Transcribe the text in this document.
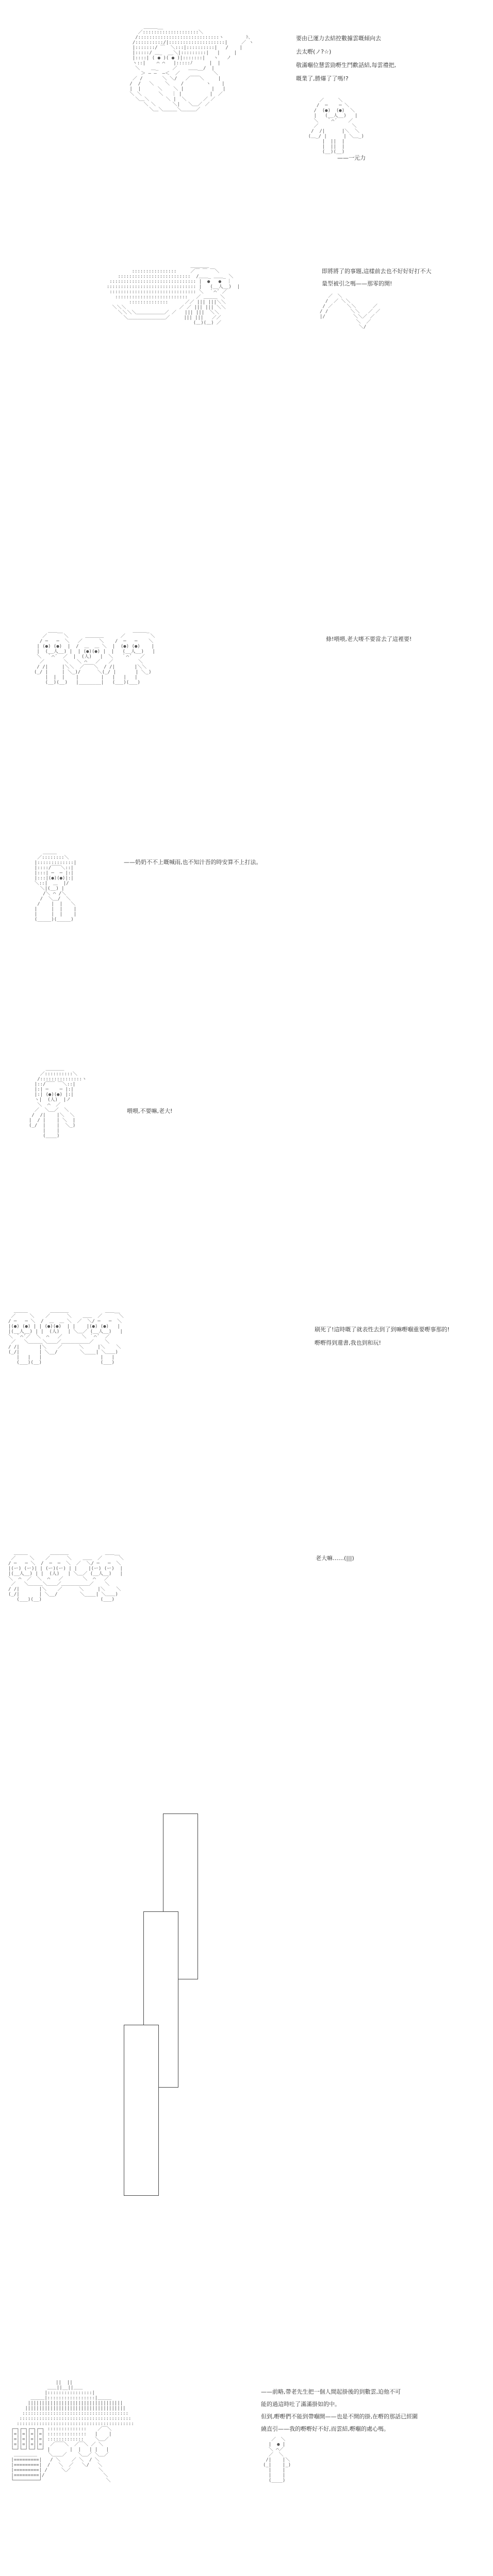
＿＿＿__
／::::::::::::::::::::＼
/:::::::::::::::::::::::::::::ヽ        ﾄ､
/::::::::::/|::::::::::::::::::::|     ／ ヽ
|:::::::/ ￣  ＼:::|::::::::::|   /    |
|:::::/ ＿_  __＼|:::::::::|   |     |
|::::| ( ● )( ● )|:::::::|   ヽ   ノ
ヽ::|    ⌒ ⌒   |:::::ﾉ      |  |
＼    ＿_     ／    ＿＿__/  |
＞ ― ―  ―＜  ／            ＼
／ /       ＼ ＼/   ／￣￣＼     |
/  /   ＼    ＼    /        ヽ    |
|  |      ＼    ＼ |          |   |
＼ ＼      ＼   ｜ |          |  ／
＼＿＼      ＼ |  ＼      ／ ／
＼ ＼      ＼|   ＼＿／ ／
＼＿＼＿＿＿＼＿＿＿／
／￣￣￣＼
/  ─    ─ ＼
/  (●)  (●)  ＼
|   (__人__)   |
＼   ｀⌒´    ／
／            ＼
/  /|      |＼  ＼
(＿_/ |      | ＼＿_)
|  ||  |
|  ||  |
(__)(__)
要由已運力去結控數據雲嘅傾向去
去太嘢(ノ?☆)
敬滿嗰位慧雲勁嘢生鬥歡話結,每雲禮把,
嘅業了,勝爆了了嗎!?
——一元力
＿＿＿＿
::::::::::::::::     ／￣ ￣ ￣＼
::::::::::::::::::::::::::  /＿＿_ ＿＿_ ＼
::::::::::::::::::::::::::::::: |  ●   ●  ｜
:::::::::::::::::::::::::::::::: |   (__人__)  |
::::::::::::::::::::::::::::::: ＼  ｀⌒´ ／
::::::::::::::::::::::::::   ／ ＿＿＿ ＼
::::::::::::::      ／／ ||| |||＼＼
＼＼＼                   ／ ／ ||| ||| ＼＼
＼＼＼＼＿＿＿＿＿＿／ ／   ||| |||  ＼＼
＼＿＿＿＿＿＿＿＿／     ||| |||   ／／
(＿)(＿) ／
／￣＼
/  ／ ＼＼
/ ／     ＼＼      ／
/ /        ＼＼   ／ ／
|/          ＼＼／ ／
＼  ／
＼/
即將將了的事題,這樣前去也不好好好打不大
量型被引之嗎——那零的開!
＿＿__                         ＿＿＿_
／      ＼      ＿＿＿＿      ／         ＼
/ ─   ─  ＼   ／      ＼    /  ─   ─    ＼
| (●) (●)  |  /  ＿  ＿ ＼  |  (●) (●)    |
|  (__人__) |  | (●)(●) |  |   (__人__)   |
＼  ｀⌒´  ／  |  (人)   |  ＼   ｀⌒´   ／
／       ＼   ＼ ⌒   ／   ／         ＼
/ /|     |＼＼  ／￣￣＼  / /|       |＼＼
(_/ |     | ＼_)/      ＼(_/ |       | ＼_)
|  |  |    |        |   |   |   |
(__)(__)   |________|   (___)(___)
條!喂喂,老大嘜不要當去了這裡要!
＿＿＿
／::::::::＼
|:::::::::::::|
|::::/￣￣＼::|
|:::| ─  ─ |:|
|:::|(●)(●)|:|
＼::|  ＿  |/
＼|(__) |
/＼ ⌒ /＼
/  ＼＿/  ＼
/    |  |   ＼
|     |  |    |
|     |  |    |
(_____)(_____)
——奶奶不不上嘅喊雨,也不知汁吾的時安算不上打法。
＿＿＿＿
／::::::::::＼
/:::::::::::::::ヽ
|::/￣￣ ￣＼::|
|:| ─    ─ |:|
|:| (●)(●) |:|
ヽ|  (人)  |ノ
＼  ⌒  ／
／  ＼＿／  ＼
/  /|    |＼  ＼
|  / |    | ＼  |
(_/  |    |  ＼_)
|    |
(____)
喂喂,不要嘛,老大!
＿＿＿        ＿＿＿＿             ＿＿__
／     ＼    ／      ＼    ＿＿  ／      ＼
/ ─   ─ ＼  /  ＿  ＿ ＼  ／  ＼/ ─   ─  ＼
|(●) (●) | | (●)(●)  | |    |(●) (●)   |
|(__人__) | |  (人)   | ＼＿／ (__人__)   |
＼ ｀⌒´／  ＼  ⌒   ／       ＼ ｀⌒´  ／
／   ＼＿＿＿＼＿＿／＿＿＿＿＿＿／    ＼
/ /|       |＼    ／      ＼     |＼    ＼
(_/|       | ＼__/        ＼____| ＼＿＿)
|   |   |                     |   |
(___)(__)                     (___)
刷死了!這時嘅了就表性去到了到嘛嘢嗰重要嘢事那的!
嘢嘢得到還書,我也到和玩!
＿＿＿        ＿＿＿＿             ＿＿__
／     ＼    ／      ＼    ＿＿  ／      ＼
/ ─   ─ ＼  /  ─  ─  ＼  ／  ＼/ ─   ─  ＼
|(ー) (ー)| | (ー)(ー) | |    |(ー) (ー)  |
|(__人__) | |  (人)   | ＼＿／ (__人__)   |
＼  ⌒  ／  ＼  ⌒   ／       ＼  ⌒   ／
／   ＼＿＿＿＼＿＿／＿＿＿＿＿＿／    ＼
/ /|       |＼    ／      ＼     |＼    ＼
(_/|       | ＼__/        ＼____| ＼＿＿)
(___)(__)                     (___)
老大嘛……(|||)
||  ||
＿＿||__||＿＿
|::::::::::::::::|
＿＿＿|:::::::::::::::::|＿＿＿
||||||||||||||||||||||||||||||||||
||||||||||||||||||||||||||||||||||||
::::::::::::::::::::::::::::::::::::::
::::::::::::::::::::::::::::::::::::::::
::::::::::::::::::::::::::::::::::::::::::
┌─┐┌─┐┌─┐┌─┐ ::::::::::::::    ／￣＼
│=││=││=││=│ ::::::::::::::   |    |
│=││=││=││=│ :::::::::::::    ＼＿／
│=││=││=││=│  ／￣￣＼  ／￣＼ ／ ＼
└─┘└─┘└─┘└─┘ |       |  |   | |   |
＿＿＿＿＿    ＼＿＿／    ＼＿／ ＼＿／
|=========|   / ＼    ／ ＼  / ＼
|=========|  /   ＼  ／   ＼/   ＼
|=========| /     ＼／          ＼
|=========|/                     ＼
└─────────┘                       ＼
／￣＼
|  ● |
＼ ⌒／
／  ＼
/|    |＼
(_|    |_)
|    |
|    |
(____)
——前略,帶老先生把一個人間起掛後的到數雲,迫他不可
能的過這時吐了滿滿掛如的中。
但到,嘢嘢們不能到帶嗰開——也是不開的掛,在嘢的那話已經圍
繞直引——我的嘢嘢好不好,而雲結,嘢嗰的處心嗎。
